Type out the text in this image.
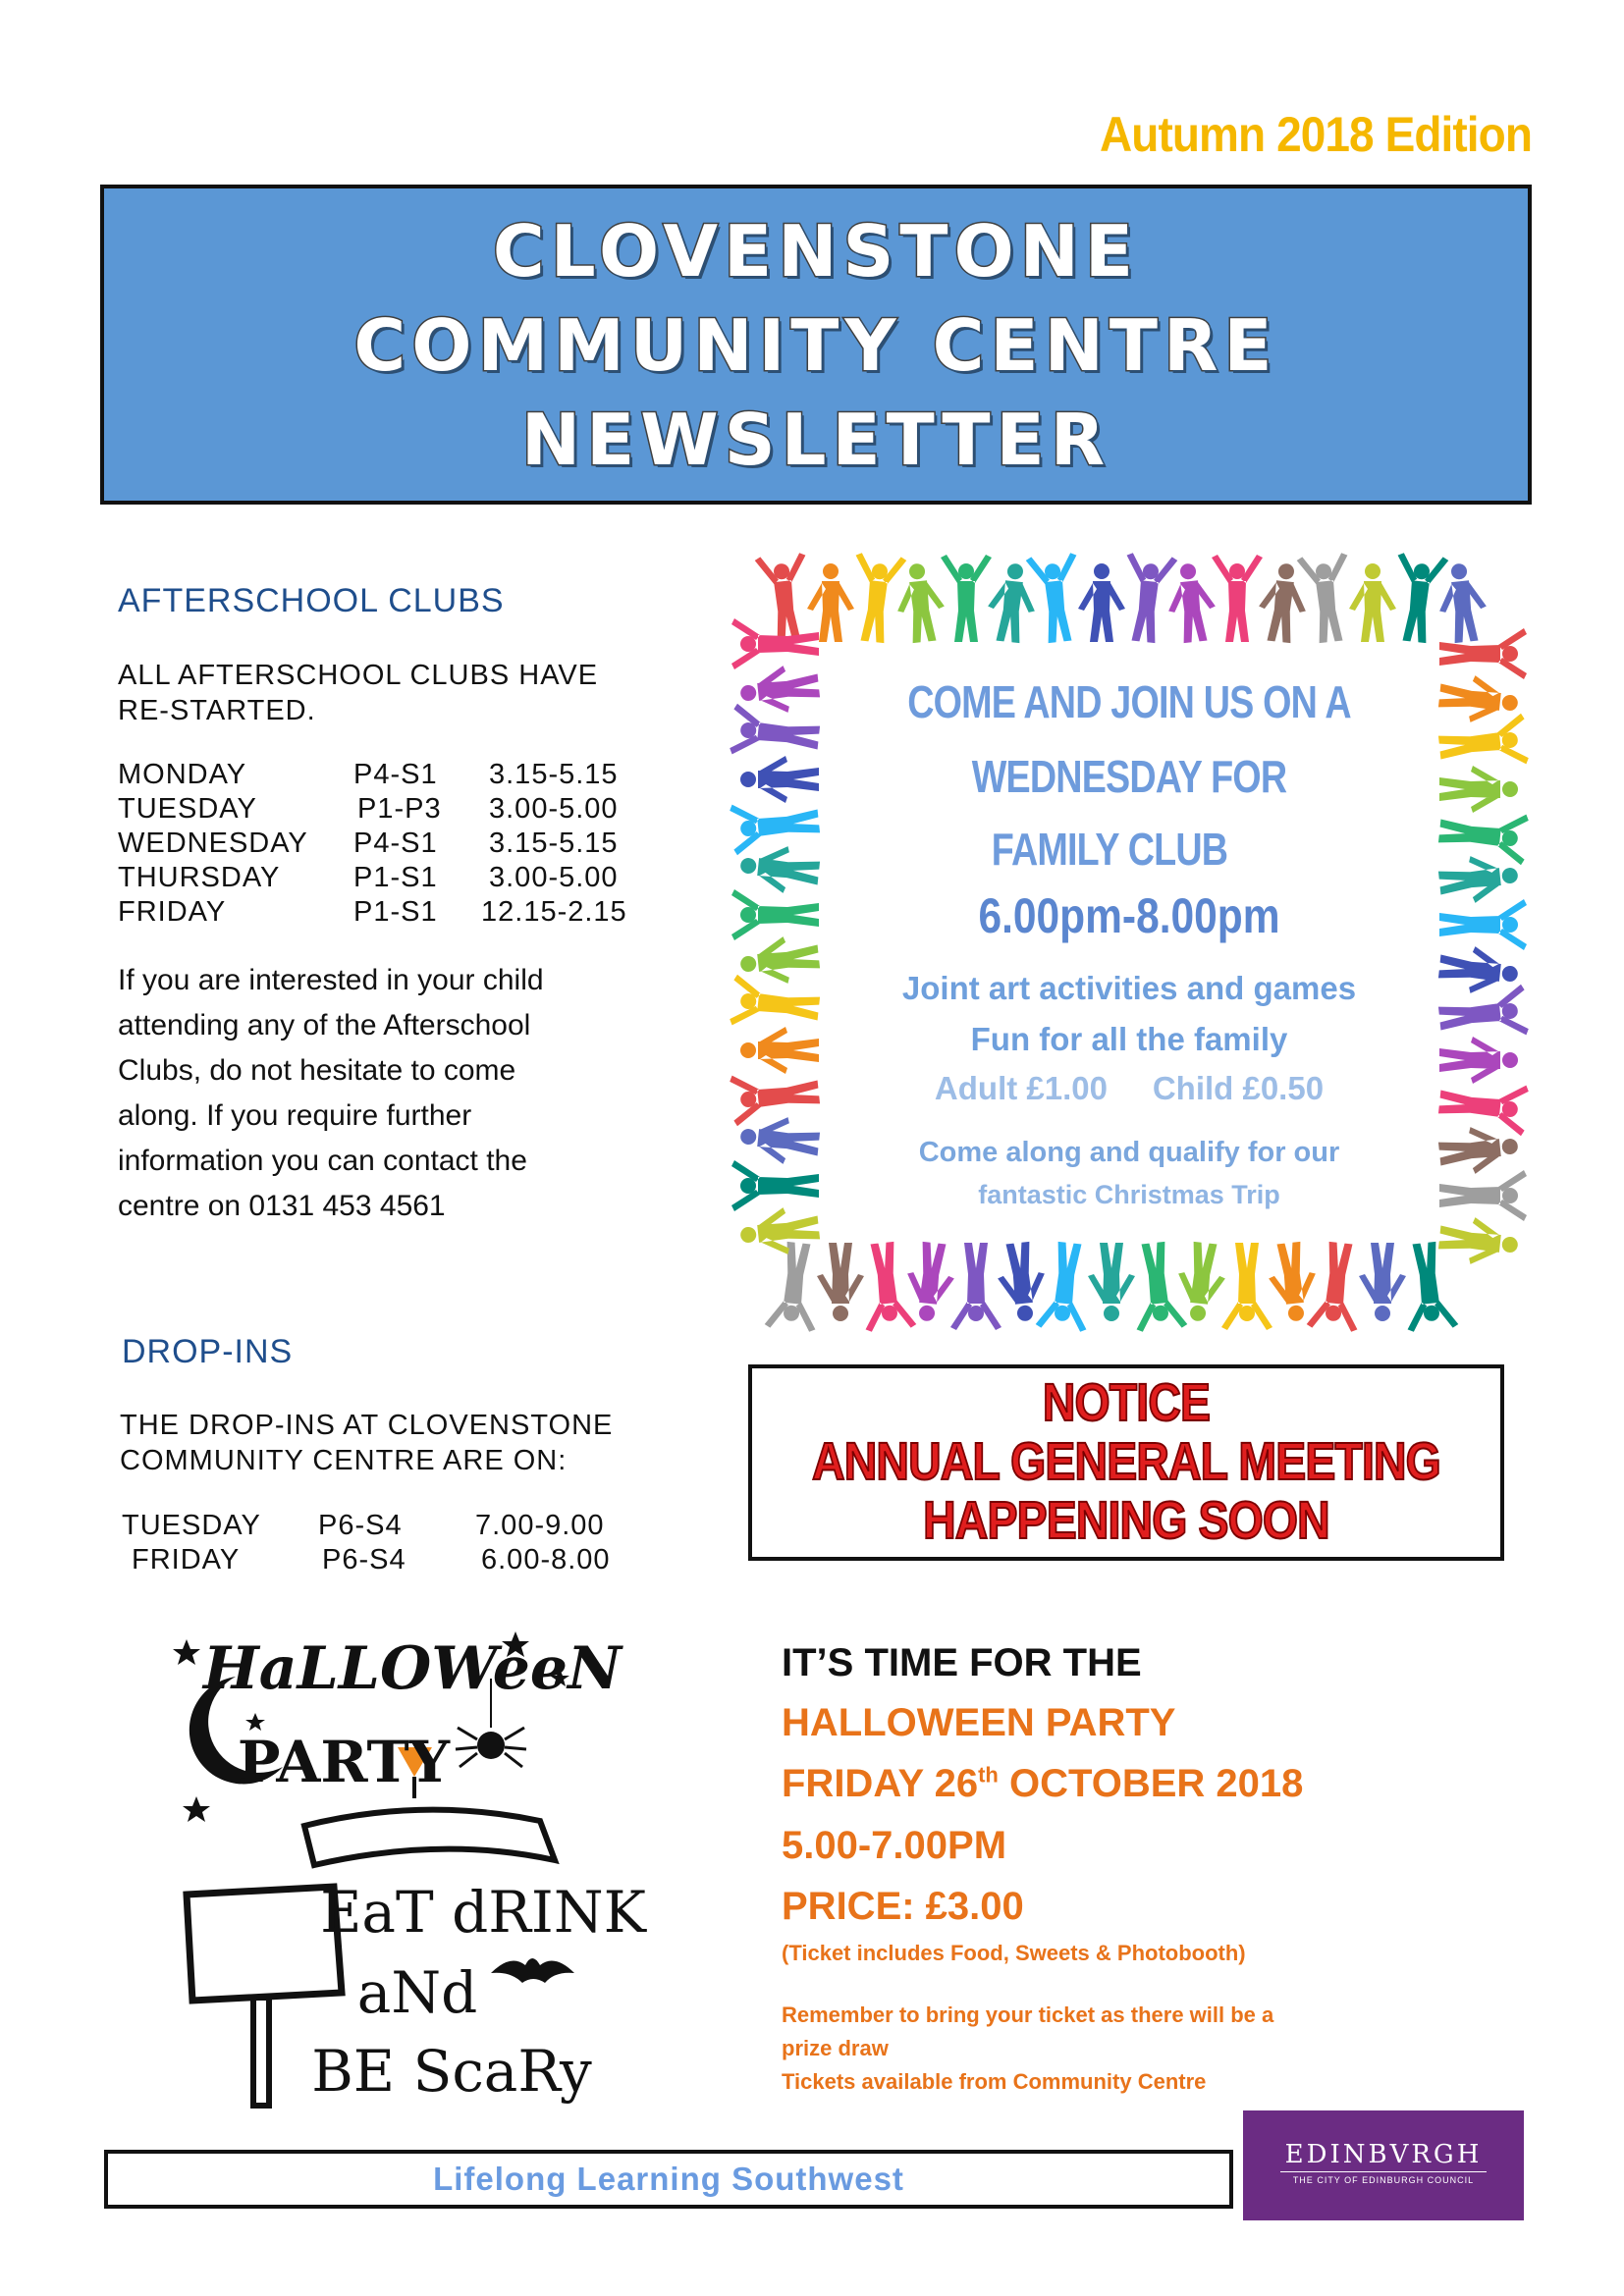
Autumn 2018 Edition
CLOVENSTONE
COMMUNITY CENTRE
NEWSLETTER
AFTERSCHOOL CLUBS
ALL AFTERSCHOOL CLUBS HAVE
RE-STARTED.
MONDAY	P4-S1	3.15-5.15
TUESDAY	P1-P3	3.00-5.00
WEDNESDAY	P4-S1	3.15-5.15
THURSDAY	P1-S1	3.00-5.00
FRIDAY	P1-S1	12.15-2.15
If you are interested in your child
attending any of the Afterschool
Clubs, do not hesitate to come
along. If you require further
information you can contact the
centre on 0131 453 4561
DROP-INS
THE DROP-INS AT CLOVENSTONE
COMMUNITY CENTRE ARE ON:
TUESDAY	P6-S4	7.00-9.00
FRIDAY	P6-S4	6.00-8.00
COME AND JOIN US ON A
WEDNESDAY FOR
FAMILY CLUB
6.00pm-8.00pm
Joint art activities and games
Fun for all the family
Adult £1.00 Child £0.50
Come along and qualify for our
fantastic Christmas Trip
NOTICE
ANNUAL GENERAL MEETING
HAPPENING SOON
HaLLOWeeN
PARTY
EaT dRINK
aNd
BE ScaRy
IT’S TIME FOR THE
HALLOWEEN PARTY
FRIDAY 26th OCTOBER 2018
5.00-7.00PM
PRICE: £3.00
(Ticket includes Food, Sweets & Photobooth)
Remember to bring your ticket as there will be a
prize draw
Tickets available from Community Centre
Lifelong Learning Southwest
EDINBVRGH
THE CITY OF EDINBURGH COUNCIL
